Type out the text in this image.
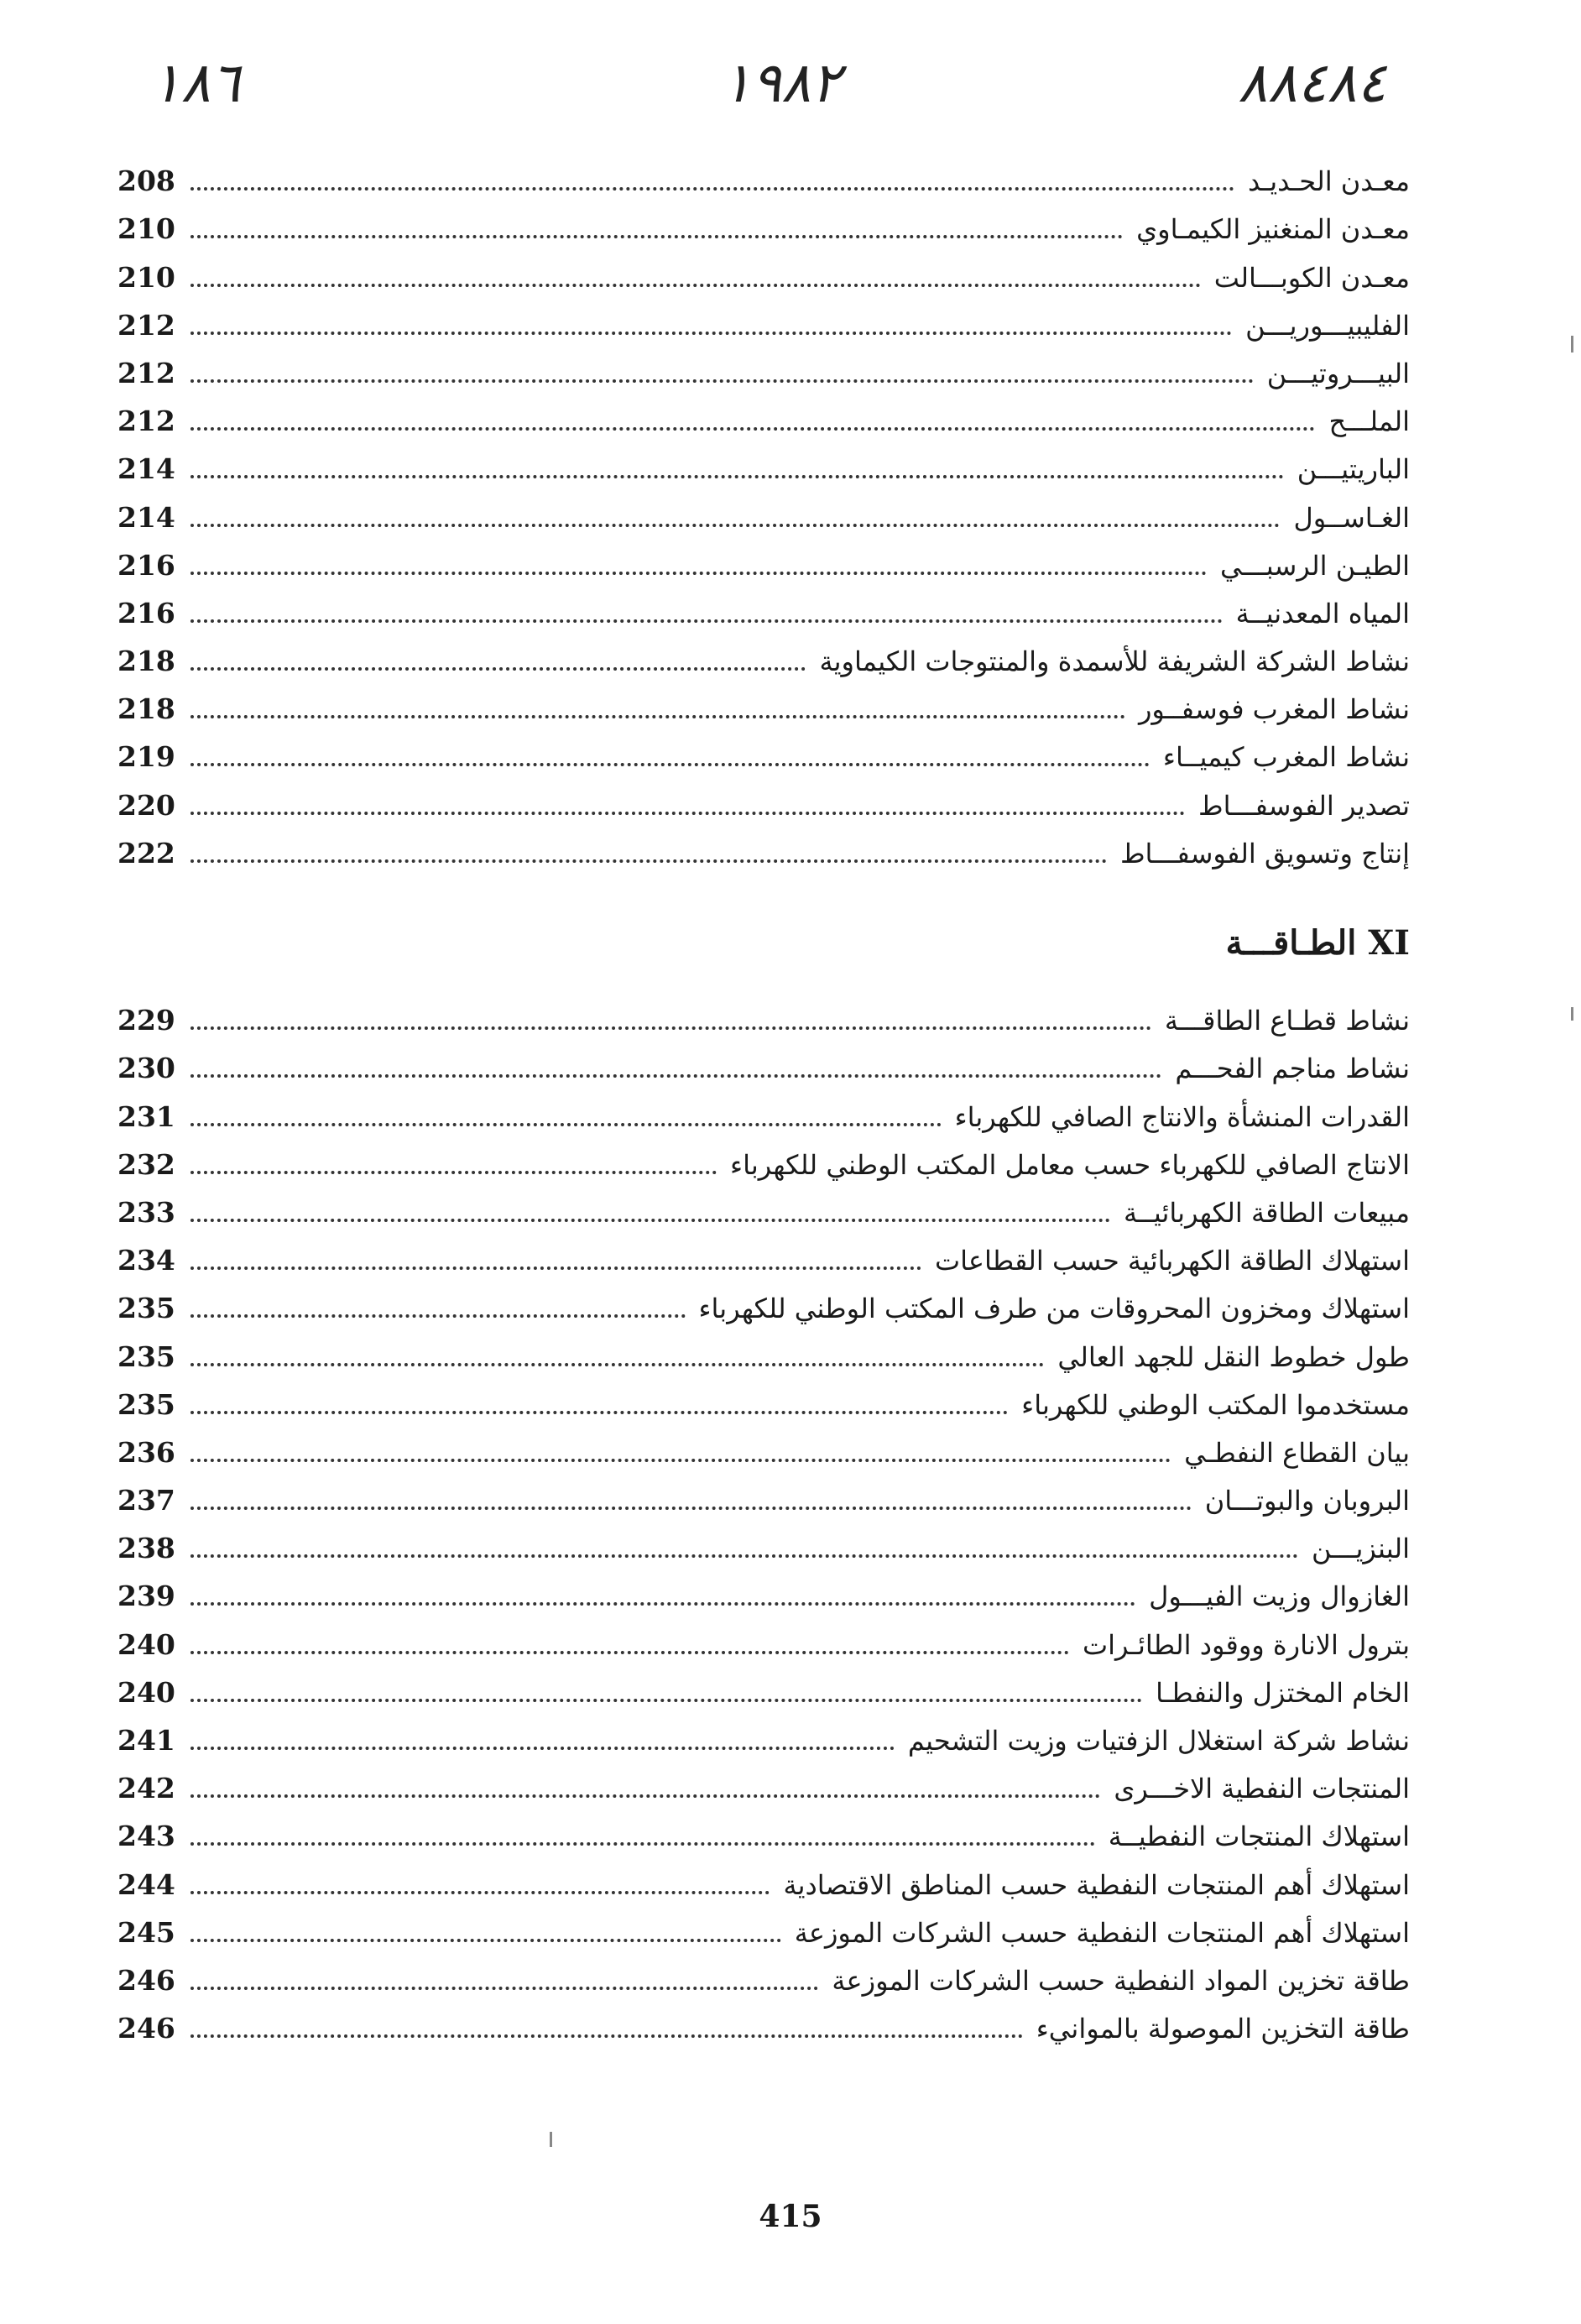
١٨٦	١٩٨٢	٨٨٤٨٤
معـدن الحـديـد
208
معـدن المنغنيز الكيمـاوي
210
معـدن الكوبـــالت
210
الفليبيـــوريـــن
212
البيـــروتيـــن
212
الملـــح
212
الباريتيـــن
214
الغـاســول
214
الطيـن الرسبـــي
216
المياه المعدنيــة
216
نشاط الشركة الشريفة للأسمدة والمنتوجات الكيماوية
218
نشاط المغرب فوسفــور
218
نشاط المغرب كيميــاء
219
تصدير الفوسفـــاط
220
إنتاج وتسويق الفوسفـــاط
222
XI الطـاقـــة
نشاط قطـاع الطاقـــة
229
نشاط مناجم الفحـــم
230
القدرات المنشأة والانتاج الصافي للكهرباء
231
الانتاج الصافي للكهرباء حسب معامل المكتب الوطني للكهرباء
232
مبيعات الطاقة الكهربائيــة
233
استهلاك الطاقة الكهربائية حسب القطاعات
234
استهلاك ومخزون المحروقات من طرف المكتب الوطني للكهرباء
235
طول خطوط النقل للجهد العالي
235
مستخدموا المكتب الوطني للكهرباء
235
بيان القطاع النفطـي
236
البروبان والبوتـــان
237
البنزيـــن
238
الغازوال وزيت الفيـــول
239
بترول الانارة ووقود الطائـرات
240
الخام المختزل والنفطـا
240
نشاط شركة استغلال الزفتيات وزيت التشحيم
241
المنتجات النفطية الاخـــرى
242
استهلاك المنتجات النفطيــة
243
استهلاك أهم المنتجات النفطية حسب المناطق الاقتصادية
244
استهلاك أهم المنتجات النفطية حسب الشركات الموزعة
245
طاقة تخزين المواد النفطية حسب الشركات الموزعة
246
طاقة التخزين الموصولة بالموانيء
246
415
